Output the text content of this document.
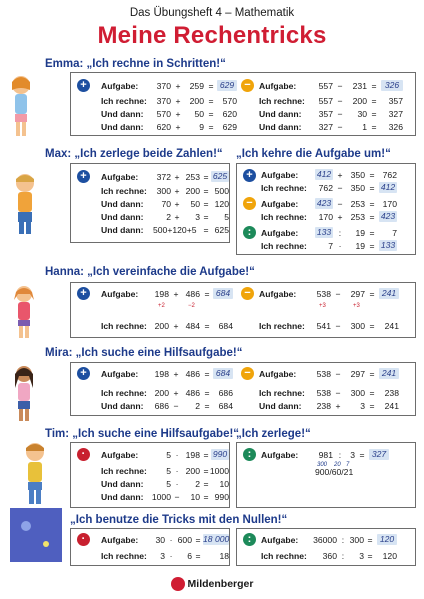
Das Übungsheft 4 – Mathematik
Meine Rechentricks
Emma: „Ich rechne in Schritten!“
+	−
Aufgabe:	370 +	259 = 629
Ich rechne:	370 +	200 =	570
Und dann:	570 +	50 =	620
Und dann:	620 +	9 =	629
Aufgabe:	557 −	231 = 326
Ich rechne:	557 −	200 =	357
Und dann:	357 −	30 =	327
Und dann:	327 −	1 =	326
Max: „Ich zerlege beide Zahlen!“ „Ich kehre die Aufgabe um!“
+	Aufgabe:	372 + 253 = 625
Ich rechne:	300 + 200 = 500
Und dann:	70 +	50 = 120
Und dann:	2 +	3 =	5
Und dann: 500+120+5 = 625
+
−
:
Aufgabe: 412 + 350 = 762
Ich rechne:	762 − 350 = 412
Aufgabe: 423 − 253 = 170
Ich rechne:	170 + 253 = 423
Aufgabe: 133 :	19 =	7
Ich rechne:	7 ·	19 = 133
Hanna: „Ich vereinfache die Aufgabe!“
+	−
Aufgabe:	198 + 486 = 684
+2	−2
Ich rechne: 200 + 484 =	684
Aufgabe:	538 −	297 = 241
+3	+3
Ich rechne:	541 −	300 =	241
Mira: „Ich suche eine Hilfsaufgabe!“
+	−
Aufgabe:	198 + 486 = 684
Ich rechne: 200 + 486 =	686
Und dann:	686 −	2 =	684
Aufgabe:	538 −	297 = 241
Ich rechne:	538 −	300 =	238
Und dann:	238 +	3 =	241
Tim: „Ich suche eine Hilfsaufgabe!“
„Ich zerlege!“
·	Aufgabe:	5 · 198 = 990
Ich rechne:	5 · 200 = 1000
Und dann:	5 ·	2 =	10
Und dann: 1000 −	10 = 990
:	Aufgabe:	981 :	3 = 327
300 20 7
900/60/21
„Ich benutze die Tricks mit den Nullen!“
·	Aufgabe: 30 · 600 = 18 000
Ich rechne:	3 ·	6 =	18
:	Aufgabe: 36000 : 300 = 120
Ich rechne:	360 :	3 =	120
Mildenberger
